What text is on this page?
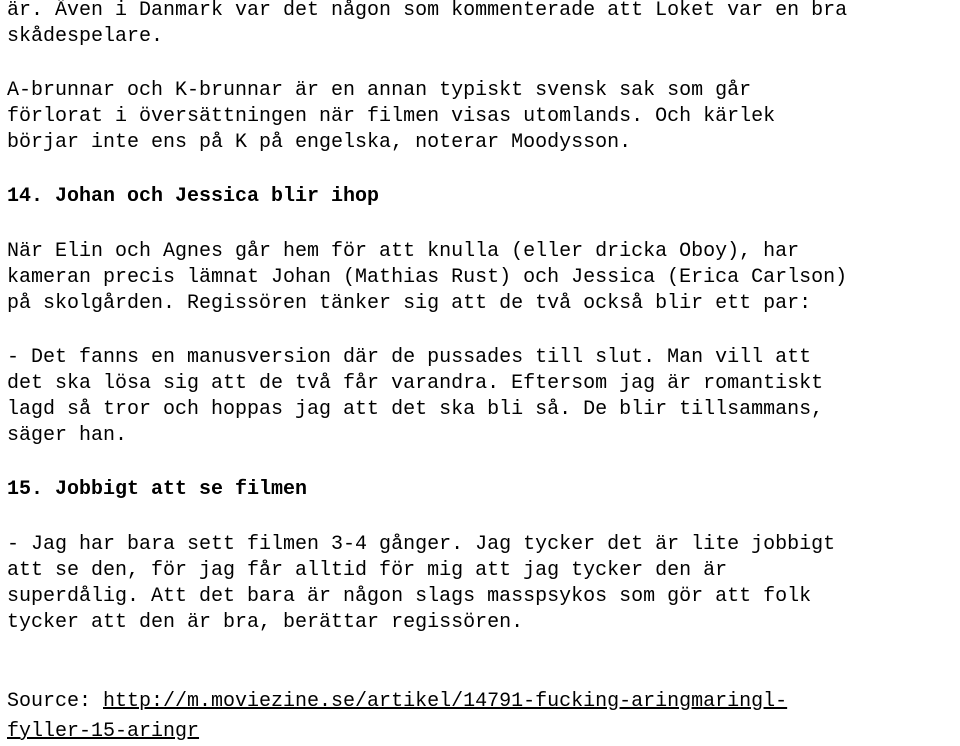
är. Även i Danmark var det någon som kommenterade att Loket var en bra
skådespelare.
A-brunnar och K-brunnar är en annan typiskt svensk sak som går
förlorat i översättningen när filmen visas utomlands. Och kärlek
börjar inte ens på K på engelska, noterar Moodysson.
14. Johan och Jessica blir ihop
När Elin och Agnes går hem för att knulla (eller dricka Oboy), har
kameran precis lämnat Johan (Mathias Rust) och Jessica (Erica Carlson)
på skolgården. Regissören tänker sig att de två också blir ett par:
- Det fanns en manusversion där de pussades till slut. Man vill att
det ska lösa sig att de två får varandra. Eftersom jag är romantiskt
lagd så tror och hoppas jag att det ska bli så. De blir tillsammans,
säger han.
15. Jobbigt att se filmen
- Jag har bara sett filmen 3-4 gånger. Jag tycker det är lite jobbigt
att se den, för jag får alltid för mig att jag tycker den är
superdålig. Att det bara är någon slags masspsykos som gör att folk
tycker att den är bra, berättar regissören.
Source: http://m.moviezine.se/artikel/14791-fucking-aringmaringl-
fyller-15-aringr
